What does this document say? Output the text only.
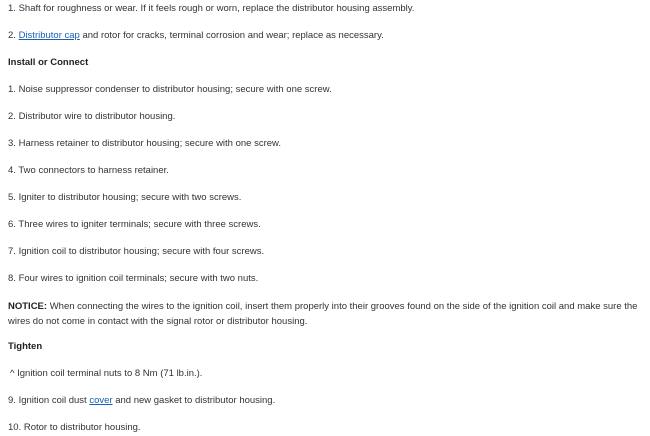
1. Shaft for roughness or wear. If it feels rough or worn, replace the distributor housing assembly.
2. Distributor cap and rotor for cracks, terminal corrosion and wear; replace as necessary.
Install or Connect
1. Noise suppressor condenser to distributor housing; secure with one screw.
2. Distributor wire to distributor housing.
3. Harness retainer to distributor housing; secure with one screw.
4. Two connectors to harness retainer.
5. Igniter to distributor housing; secure with two screws.
6. Three wires to igniter terminals; secure with three screws.
7. Ignition coil to distributor housing; secure with four screws.
8. Four wires to ignition coil terminals; secure with two nuts.
NOTICE: When connecting the wires to the ignition coil, insert them properly into their grooves found on the side of the ignition coil and make sure the wires do not come in contact with the signal rotor or distributor housing.
Tighten
^ Ignition coil terminal nuts to 8 Nm (71 lb.in.).
9. Ignition coil dust cover and new gasket to distributor housing.
10. Rotor to distributor housing.
